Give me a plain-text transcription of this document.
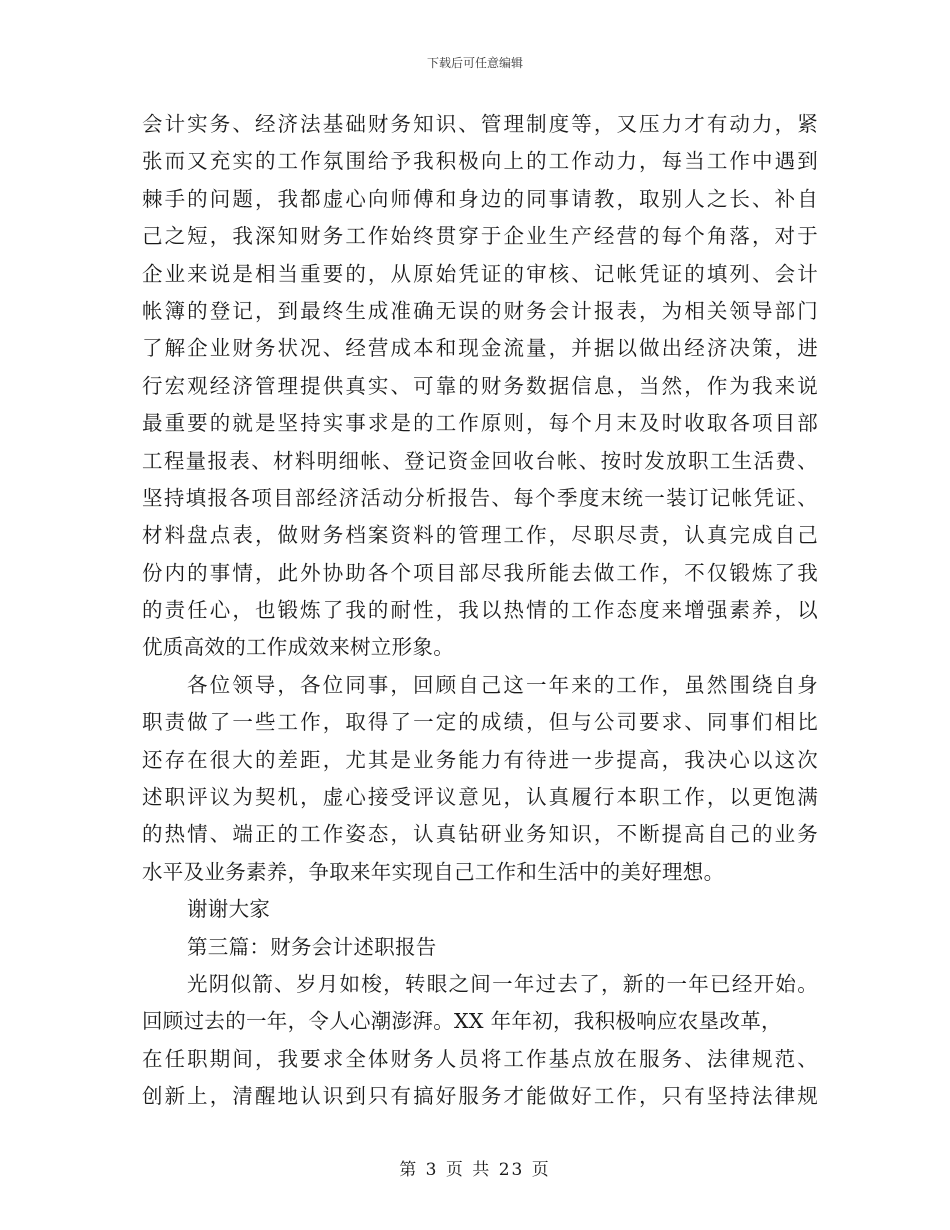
下载后可任意编辑
会计实务、经济法基础财务知识、管理制度等，又压力才有动力，紧
张而又充实的工作氛围给予我积极向上的工作动力，每当工作中遇到
棘手的问题，我都虚心向师傅和身边的同事请教，取别人之长、补自
己之短，我深知财务工作始终贯穿于企业生产经营的每个角落，对于
企业来说是相当重要的，从原始凭证的审核、记帐凭证的填列、会计
帐簿的登记，到最终生成准确无误的财务会计报表，为相关领导部门
了解企业财务状况、经营成本和现金流量，并据以做出经济决策，进
行宏观经济管理提供真实、可靠的财务数据信息，当然，作为我来说
最重要的就是坚持实事求是的工作原则，每个月末及时收取各项目部
工程量报表、材料明细帐、登记资金回收台帐、按时发放职工生活费、
坚持填报各项目部经济活动分析报告、每个季度末统一装订记帐凭证、
材料盘点表，做财务档案资料的管理工作，尽职尽责，认真完成自己
份内的事情，此外协助各个项目部尽我所能去做工作，不仅锻炼了我
的责任心，也锻炼了我的耐性，我以热情的工作态度来增强素养，以
优质高效的工作成效来树立形象。
各位领导，各位同事，回顾自己这一年来的工作，虽然围绕自身
职责做了一些工作，取得了一定的成绩，但与公司要求、同事们相比
还存在很大的差距，尤其是业务能力有待进一步提高，我决心以这次
述职评议为契机，虚心接受评议意见，认真履行本职工作，以更饱满
的热情、端正的工作姿态，认真钻研业务知识，不断提高自己的业务
水平及业务素养，争取来年实现自己工作和生活中的美好理想。
谢谢大家
第三篇：财务会计述职报告
光阴似箭、岁月如梭，转眼之间一年过去了，新的一年已经开始。
回顾过去的一年，令人心潮澎湃。XX 年年初，我积极响应农垦改革，
在任职期间，我要求全体财务人员将工作基点放在服务、法律规范、
创新上，清醒地认识到只有搞好服务才能做好工作，只有坚持法律规
第 3 页 共 23 页
